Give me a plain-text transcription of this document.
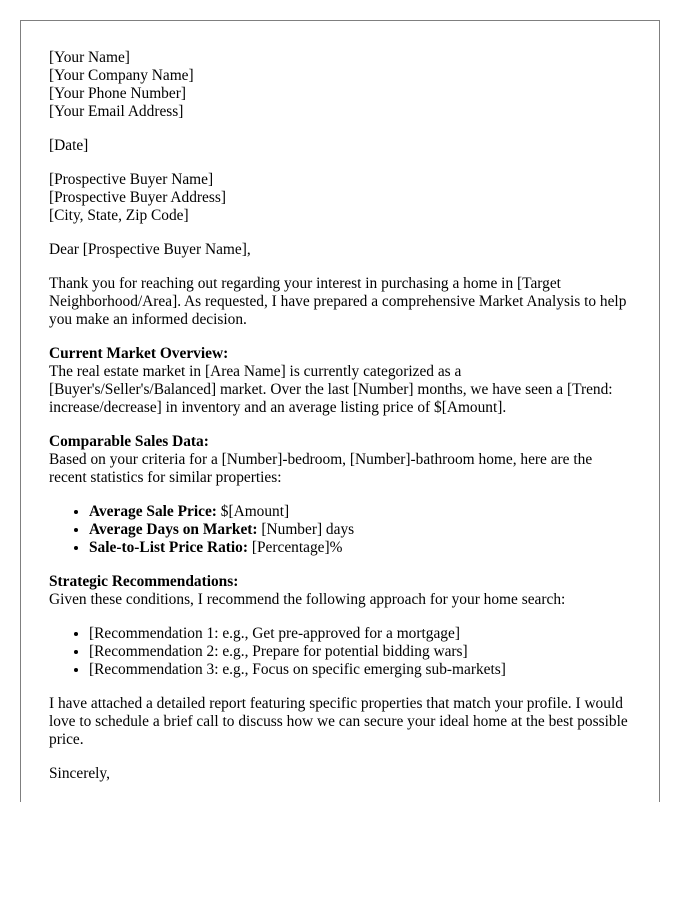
[Your Name]
[Your Company Name]
[Your Phone Number]
[Your Email Address]
[Date]
[Prospective Buyer Name]
[Prospective Buyer Address]
[City, State, Zip Code]

Dear [Prospective Buyer Name],

Thank you for reaching out regarding your interest in purchasing a home in [Target Neighborhood/Area]. As requested, I have prepared a comprehensive Market Analysis to help you make an informed decision.

Current Market Overview:
The real estate market in [Area Name] is currently categorized as a [Buyer's/Seller's/Balanced] market. Over the last [Number] months, we have seen a [Trend: increase/decrease] in inventory and an average listing price of $[Amount].
Comparable Sales Data:
Based on your criteria for a [Number]-bedroom, [Number]-bathroom home, here are the recent statistics for similar properties:
• Average Sale Price: $[Amount]
• Average Days on Market: [Number] days
• Sale-to-List Price Ratio: [Percentage]%
Strategic Recommendations:
Given these conditions, I recommend the following approach for your home search:
• [Recommendation 1: e.g., Get pre-approved for a mortgage]
• [Recommendation 2: e.g., Prepare for potential bidding wars]
• [Recommendation 3: e.g., Focus on specific emerging sub-markets]

I have attached a detailed report featuring specific properties that match your profile. I would love to schedule a brief call to discuss how we can secure your ideal home at the best possible price.

Sincerely,
